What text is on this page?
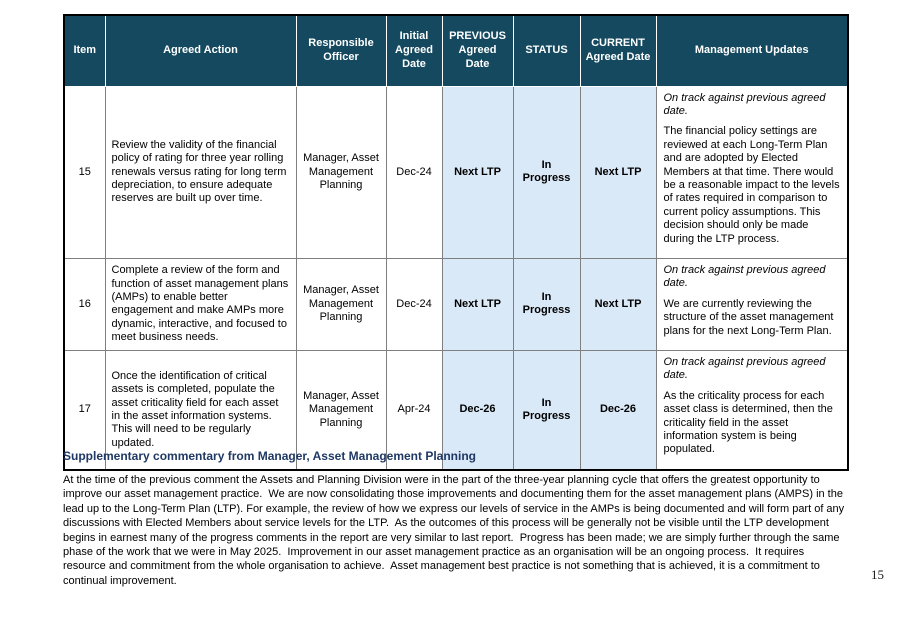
Item	Agreed Action	Responsible Officer	Initial Agreed Date	PREVIOUS Agreed Date	STATUS	CURRENT Agreed Date	Management Updates
15	Review the validity of the financial policy of rating for three year rolling renewals versus rating for long term depreciation, to ensure adequate reserves are built up over time.	Manager, Asset Management Planning	Dec-24	Next LTP	In Progress	Next LTP	On track against previous agreed date.

The financial policy settings are reviewed at each Long-Term Plan and are adopted by Elected Members at that time. There would be a reasonable impact to the levels of rates required in comparison to current policy assumptions. This decision should only be made during the LTP process.

16	Complete a review of the form and function of asset management plans (AMPs) to enable better engagement and make AMPs more dynamic, interactive, and focused to meet business needs.	Manager, Asset Management Planning	Dec-24	Next LTP	In Progress	Next LTP	On track against previous agreed date.

We are currently reviewing the structure of the asset management plans for the next Long-Term Plan.

17	Once the identification of critical assets is completed, populate the asset criticality field for each asset in the asset information systems. This will need to be regularly updated.	Manager, Asset Management Planning	Apr-24	Dec-26	In Progress	Dec-26	On track against previous agreed date.

As the criticality process for each asset class is determined, then the criticality field in the asset information system is being populated.

Supplementary commentary from Manager, Asset Management Planning
At the time of the previous comment the Assets and Planning Division were in the part of the three-year planning cycle that offers the greatest opportunity to improve our asset management practice.  We are now consolidating those improvements and documenting them for the asset management plans (AMPS) in the lead up to the Long-Term Plan (LTP). For example, the review of how we express our levels of service in the AMPs is being documented and will form part of any discussions with Elected Members about service levels for the LTP.  As the outcomes of this process will be generally not be visible until the LTP development begins in earnest many of the progress comments in the report are very similar to last report.  Progress has been made; we are simply further through the same phase of the work that we were in May 2025.  Improvement in our asset management practice as an organisation will be an ongoing process.  It requires resource and commitment from the whole organisation to achieve.  Asset management best practice is not something that is achieved, it is a commitment to continual improvement.	15
